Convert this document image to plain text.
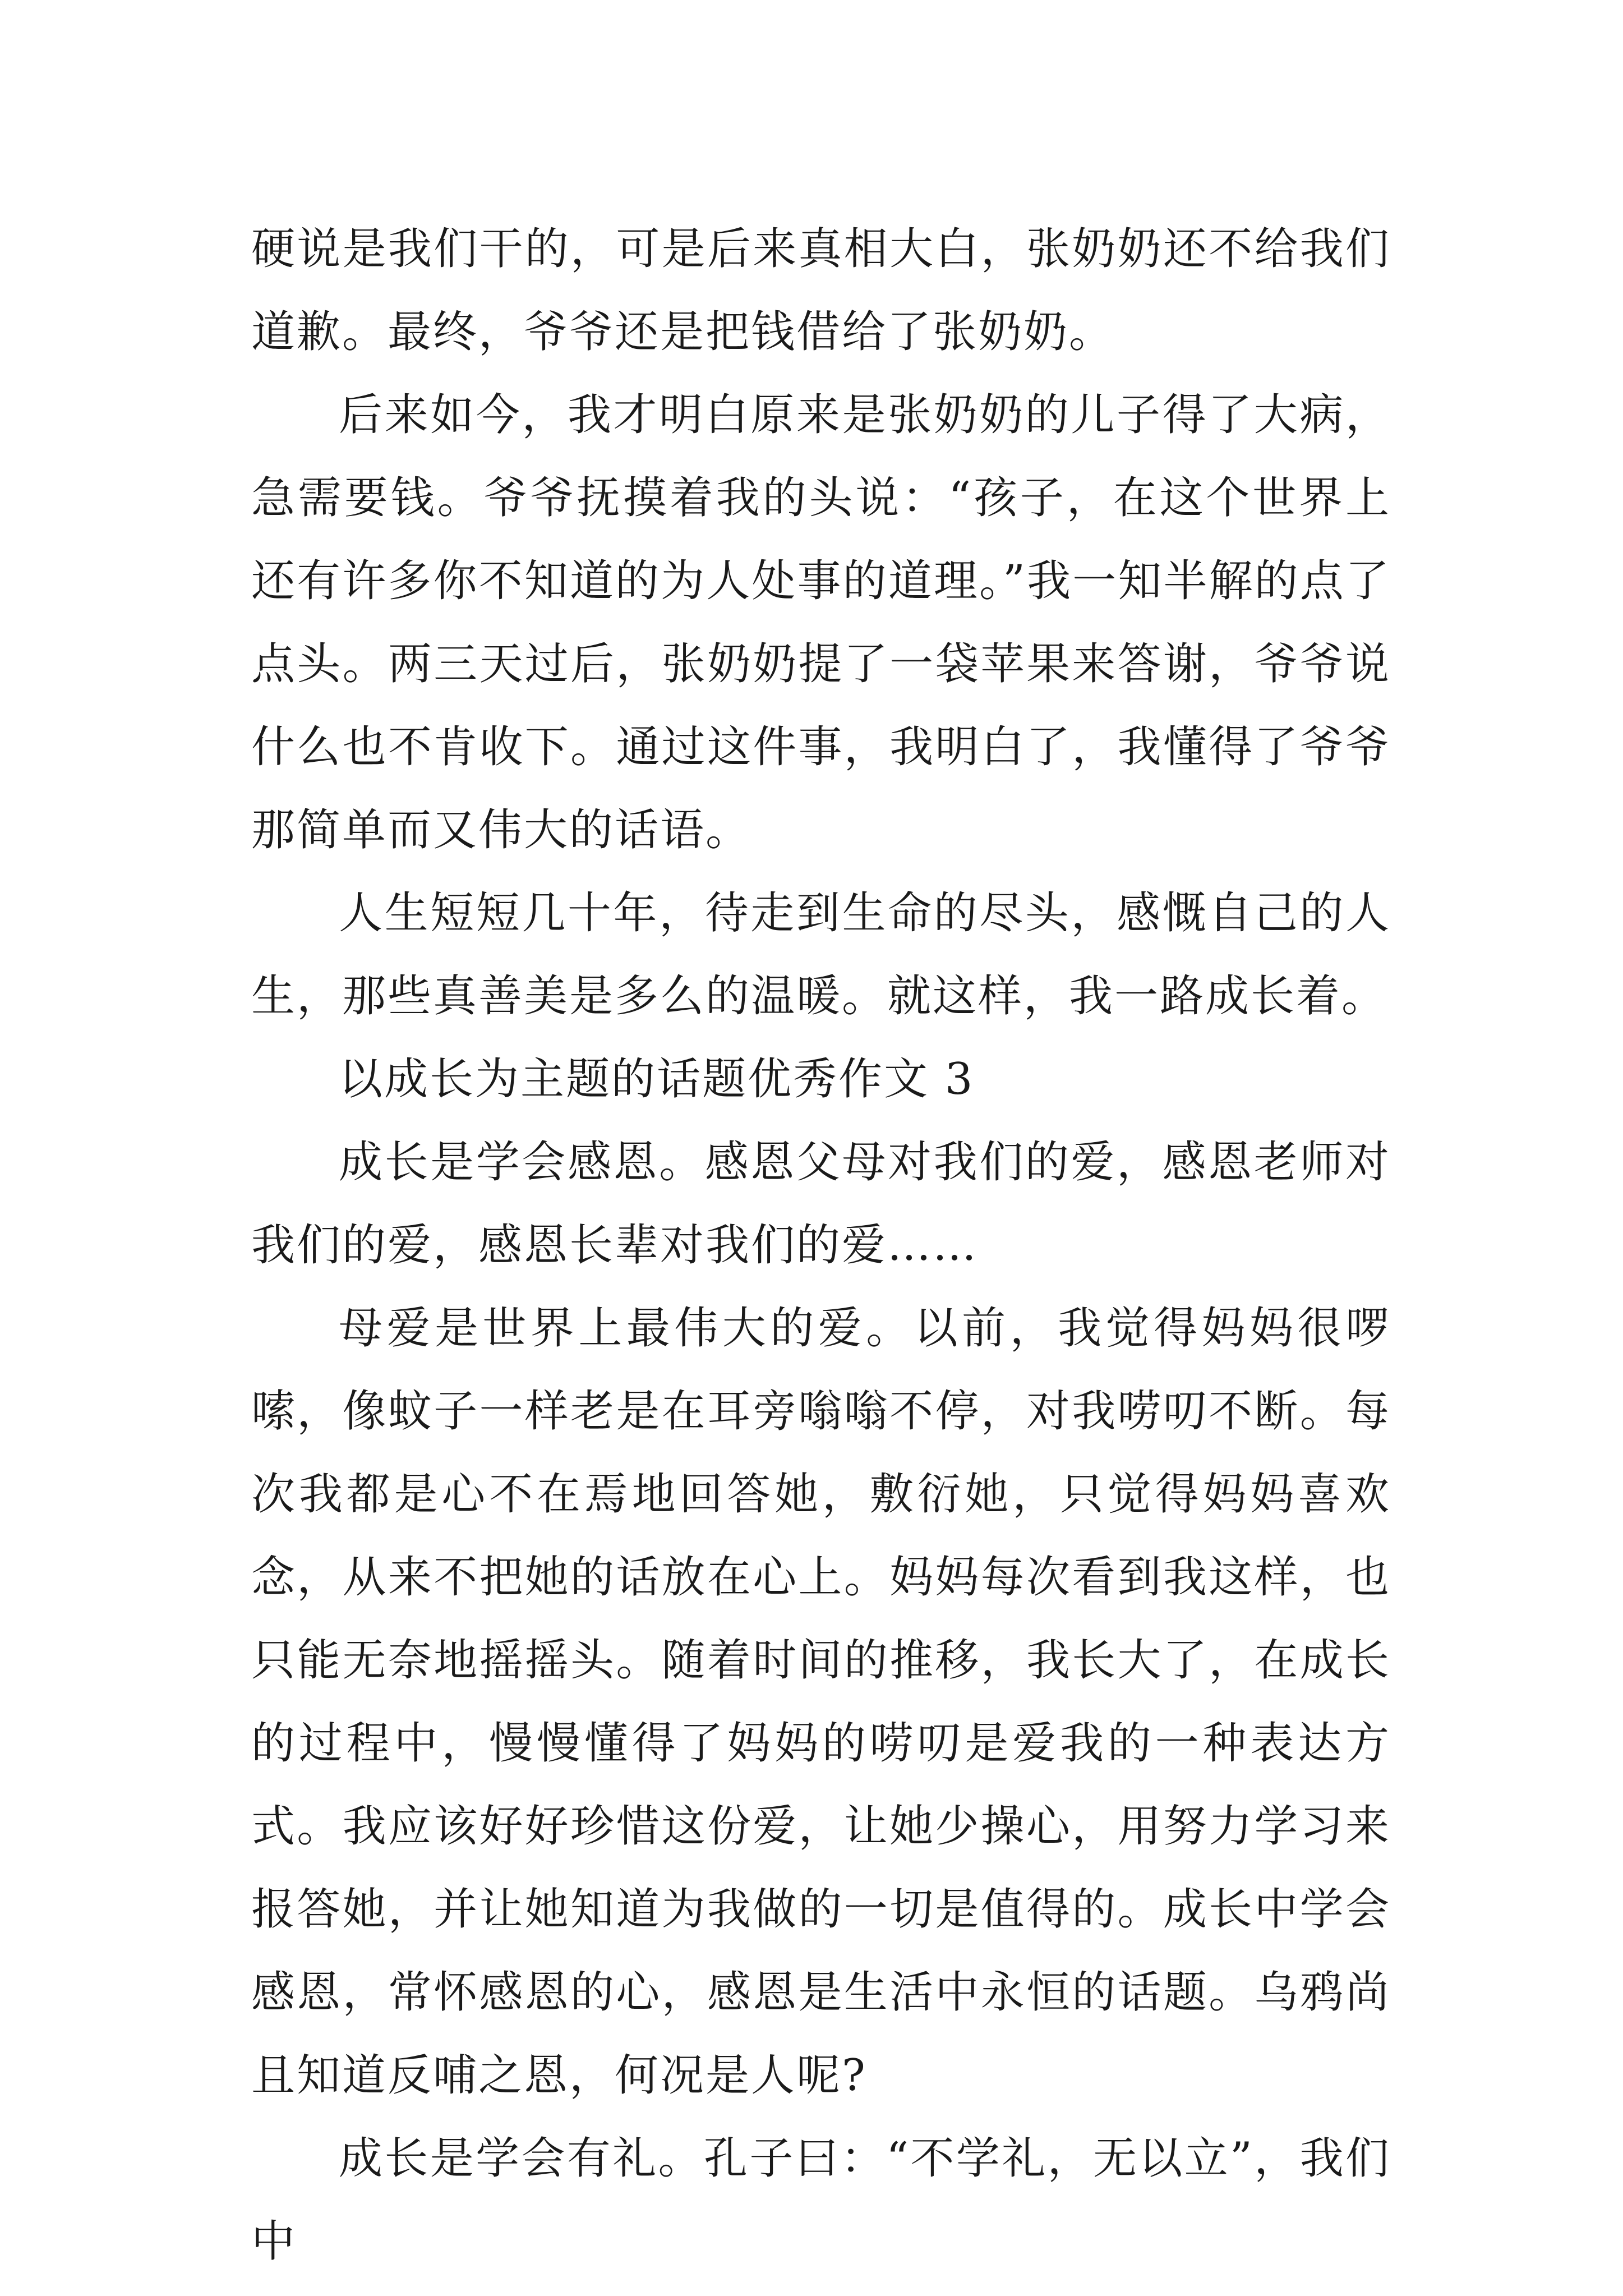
硬说是我们干的，可是后来真相大白，张奶奶还不给我们道歉。最终，爷爷还是把钱借给了张奶奶。

后来如今，我才明白原来是张奶奶的儿子得了大病，急需要钱。爷爷抚摸着我的头说：“孩子，在这个世界上还有许多你不知道的为人处事的道理。”我一知半解的点了点头。两三天过后，张奶奶提了一袋苹果来答谢，爷爷说什么也不肯收下。通过这件事，我明白了，我懂得了爷爷那简单而又伟大的话语。

人生短短几十年，待走到生命的尽头，感慨自己的人生，那些真善美是多么的温暖。就这样，我一路成长着。

以成长为主题的话题优秀作文 3

成长是学会感恩。感恩父母对我们的爱，感恩老师对我们的爱，感恩长辈对我们的爱……

母爱是世界上最伟大的爱。以前，我觉得妈妈很啰嗦，像蚊子一样老是在耳旁嗡嗡不停，对我唠叨不断。每次我都是心不在焉地回答她，敷衍她，只觉得妈妈喜欢念，从来不把她的话放在心上。妈妈每次看到我这样，也只能无奈地摇摇头。随着时间的推移，我长大了，在成长的过程中，慢慢懂得了妈妈的唠叨是爱我的一种表达方式。我应该好好珍惜这份爱，让她少操心，用努力学习来报答她，并让她知道为我做的一切是值得的。成长中学会感恩，常怀感恩的心，感恩是生活中永恒的话题。乌鸦尚且知道反哺之恩，何况是人呢?

成长是学会有礼。孔子曰：“不学礼，无以立”，我们中
